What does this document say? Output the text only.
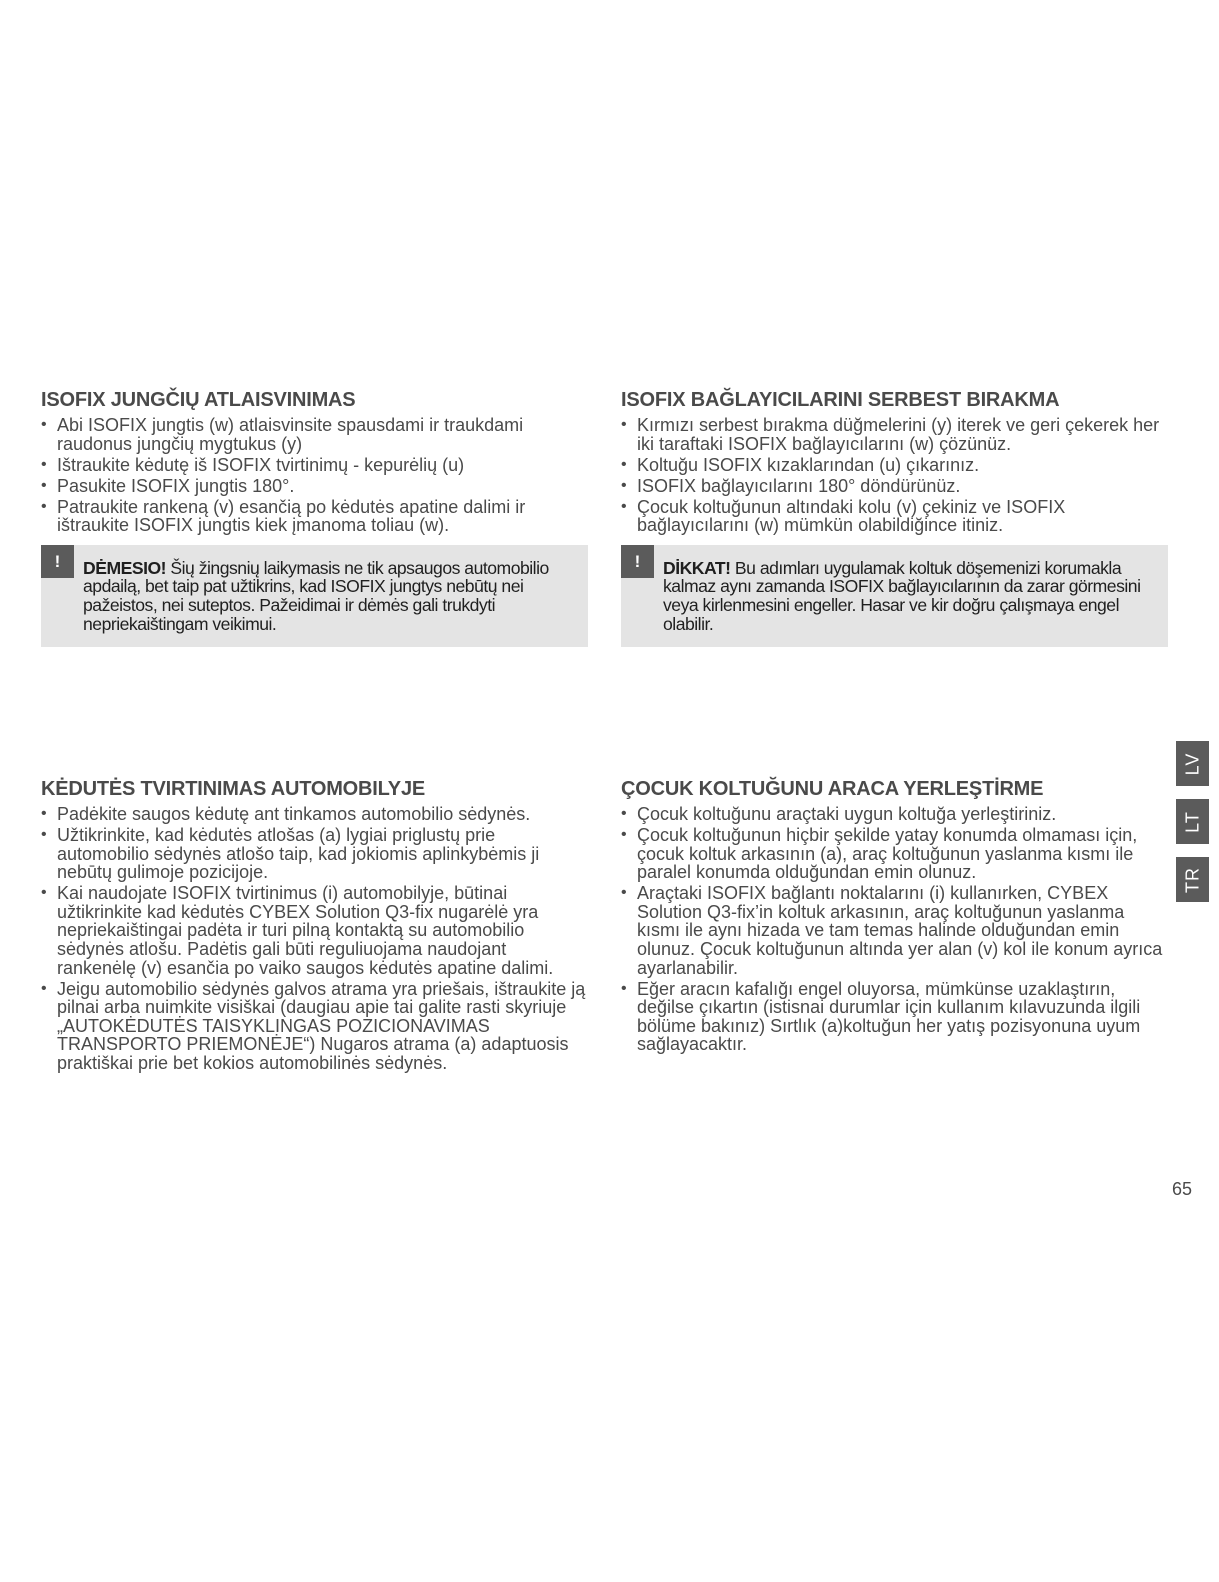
ISOFIX JUNGČIŲ ATLAISVINIMAS
• Abi ISOFIX jungtis (w) atlaisvinsite spausdami ir traukdami raudonus jungčių mygtukus (y)
• Ištraukite kėdutę iš ISOFIX tvirtinimų - kepurėlių (u)
• Pasukite ISOFIX jungtis 180°.
• Patraukite rankeną (v) esančią po kėdutės apatine dalimi ir ištraukite ISOFIX jungtis kiek įmanoma toliau (w).
!	DĖMESIO! Šių žingsnių laikymasis ne tik apsaugos automobilio apdailą, bet taip pat užtikrins, kad ISOFIX jungtys nebūtų nei pažeistos, nei suteptos. Pažeidimai ir dėmės gali trukdyti nepriekaištingam veikimui.
ISOFIX BAĞLAYICILARINI SERBEST BIRAKMA
• Kırmızı serbest bırakma düğmelerini (y) iterek ve geri çekerek her iki taraftaki ISOFIX bağlayıcılarını (w) çözünüz.
• Koltuğu ISOFIX kızaklarından (u) çıkarınız.
• ISOFIX bağlayıcılarını 180° döndürünüz.
• Çocuk koltuğunun altındaki kolu (v) çekiniz ve ISOFIX bağlayıcılarını (w) mümkün olabildiğince itiniz.
!	DİKKAT! Bu adımları uygulamak koltuk döşemenizi korumakla kalmaz aynı zamanda ISOFIX bağlayıcılarının da zarar görmesini veya kirlenmesini engeller. Hasar ve kir doğru çalışmaya engel olabilir.
KĖDUTĖS TVIRTINIMAS AUTOMOBILYJE
• Padėkite saugos kėdutę ant tinkamos automobilio sėdynės.
• Užtikrinkite, kad kėdutės atlošas (a) lygiai priglustų prie automobilio sėdynės atlošo taip, kad jokiomis aplinkybėmis ji nebūtų gulimoje pozicijoje.
• Kai naudojate ISOFIX tvirtinimus (i) automobilyje, būtinai užtikrinkite kad kėdutės CYBEX Solution Q3-fix nugarėlė yra nepriekaištingai padėta ir turi pilną kontaktą su automobilio sėdynės atlošu. Padėtis gali būti reguliuojama naudojant rankenėlę (v) esančia po vaiko saugos kėdutės apatine dalimi.
• Jeigu automobilio sėdynės galvos atrama yra priešais, ištraukite ją pilnai arba nuimkite visiškai (daugiau apie tai galite rasti skyriuje „AUTOKĖDUTĖS TAISYKLINGAS POZICIONAVIMAS TRANSPORTO PRIEMONĖJE“) Nugaros atrama (a) adaptuosis praktiškai prie bet kokios automobilinės sėdynės.
ÇOCUK KOLTUĞUNU ARACA YERLEŞTİRME
• Çocuk koltuğunu araçtaki uygun koltuğa yerleştiriniz.
• Çocuk koltuğunun hiçbir şekilde yatay konumda olmaması için, çocuk koltuk arkasının (a), araç koltuğunun yaslanma kısmı ile paralel konumda olduğundan emin olunuz.
• Araçtaki ISOFIX bağlantı noktalarını (i) kullanırken, CYBEX Solution Q3-fix’in koltuk arkasının, araç koltuğunun yaslanma kısmı ile aynı hizada ve tam temas halinde olduğundan emin olunuz. Çocuk koltuğunun altında yer alan (v) kol ile konum ayrıca ayarlanabilir.
• Eğer aracın kafalığı engel oluyorsa, mümkünse uzaklaştırın, değilse çıkartın (istisnai durumlar için kullanım kılavuzunda ilgili bölüme bakınız) Sırtlık (a)koltuğun her yatış pozisyonuna uyum sağlayacaktır.
LV
LT
TR
65
